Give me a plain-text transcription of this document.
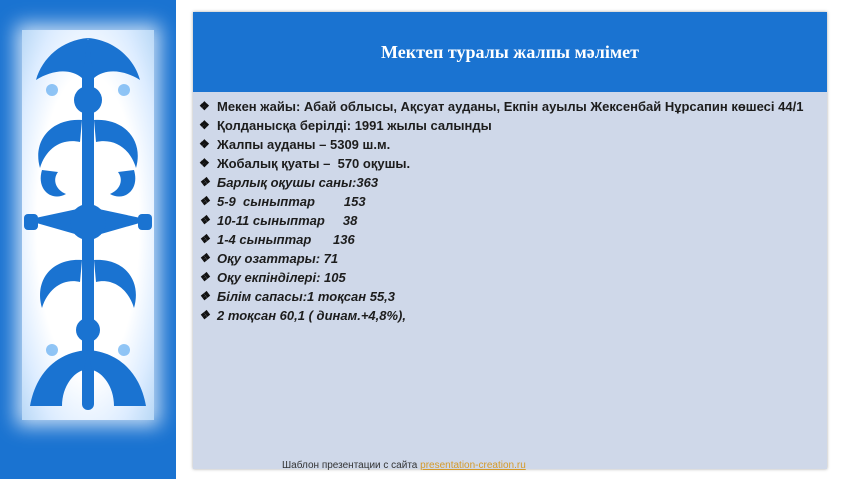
Мектеп туралы жалпы мәлімет
❖ Мекен жайы: Абай облысы, Ақсуат ауданы, Екпін ауылы Жексенбай Нұрсапин көшесі 44/1
❖ Қолданысқа берілді: 1991 жылы салынды
❖ Жалпы ауданы – 5309 ш.м.
❖ Жобалық қуаты –  570 оқушы.
❖ Барлық оқушы саны:363
❖ 5-9  сыныптар        153
❖ 10-11 сыныптар     38
❖ 1-4 сыныптар      136
❖ Оқу озаттары: 71
❖ Оқу екпінділері: 105
❖ Білім сапасы:1 тоқсан 55,3
❖ 2 тоқсан 60,1 ( динам.+4,8%),
Шаблон презентации с сайта presentation-creation.ru
